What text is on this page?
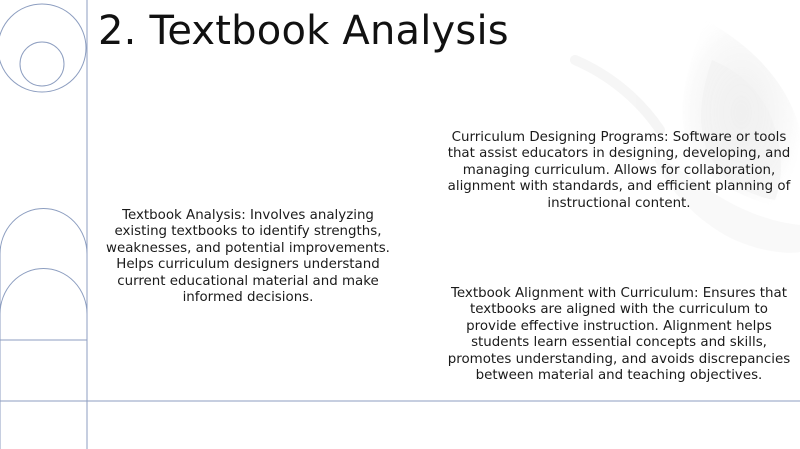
2. Textbook Analysis

Textbook Analysis: Involves analyzing existing textbooks to identify strengths, weaknesses, and potential improvements. Helps curriculum designers understand current educational material and make informed decisions.

Curriculum Designing Programs: Software or tools that assist educators in designing, developing, and managing curriculum. Allows for collaboration, alignment with standards, and efficient planning of instructional content.

Textbook Alignment with Curriculum: Ensures that textbooks are aligned with the curriculum to provide effective instruction. Alignment helps students learn essential concepts and skills, promotes understanding, and avoids discrepancies between material and teaching objectives.
